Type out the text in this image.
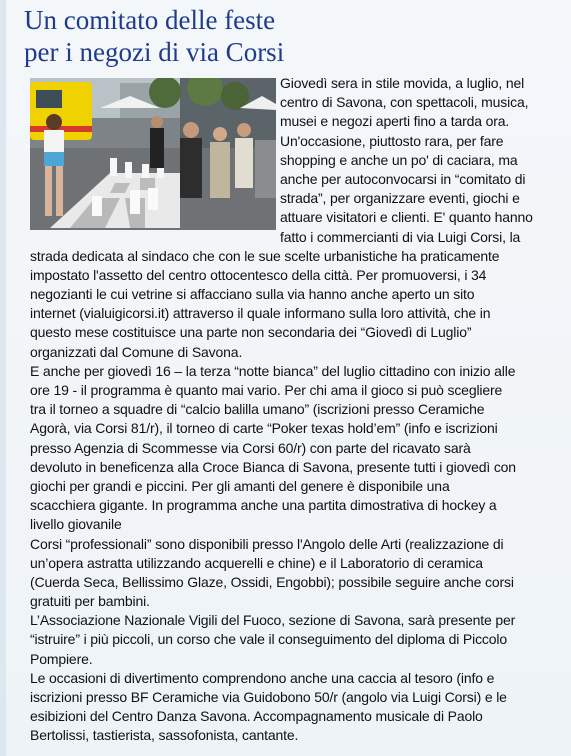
Un comitato delle feste
per i negozi di via Corsi
Giovedì sera in stile movida, a luglio, nel
centro di Savona, con spettacoli, musica,
musei e negozi aperti fino a tarda ora.
Un'occasione, piuttosto rara, per fare
shopping e anche un po' di caciara, ma
anche per autoconvocarsi in “comitato di
strada”, per organizzare eventi, giochi e
attuare visitatori e clienti. E' quanto hanno
fatto i commercianti di via Luigi Corsi, la
strada dedicata al sindaco che con le sue scelte urbanistiche ha praticamente
impostato l'assetto del centro ottocentesco della città. Per promuoversi, i 34
negozianti le cui vetrine si affacciano sulla via hanno anche aperto un sito
internet (vialuigicorsi.it) attraverso il quale informano sulla loro attività, che in
questo mese costituisce una parte non secondaria dei “Giovedì di Luglio”
organizzati dal Comune di Savona.
E anche per giovedì 16 – la terza “notte bianca” del luglio cittadino con inizio alle
ore 19 - il programma è quanto mai vario. Per chi ama il gioco si può scegliere
tra il torneo a squadre di “calcio balilla umano” (iscrizioni presso Ceramiche
Agorà, via Corsi 81/r), il torneo di carte “Poker texas hold’em” (info e iscrizioni
presso Agenzia di Scommesse via Corsi 60/r) con parte del ricavato sarà
devoluto in beneficenza alla Croce Bianca di Savona, presente tutti i giovedì con
giochi per grandi e piccini. Per gli amanti del genere è disponibile una
scacchiera gigante. In programma anche una partita dimostrativa di hockey a
livello giovanile
Corsi “professionali” sono disponibili presso l'Angolo delle Arti (realizzazione di
un’opera astratta utilizzando acquerelli e chine) e il Laboratorio di ceramica
(Cuerda Seca, Bellissimo Glaze, Ossidi, Engobbi); possibile seguire anche corsi
gratuiti per bambini.
L’Associazione Nazionale Vigili del Fuoco, sezione di Savona, sarà presente per
“istruire” i più piccoli, un corso che vale il conseguimento del diploma di Piccolo
Pompiere.
Le occasioni di divertimento comprendono anche una caccia al tesoro (info e
iscrizioni presso BF Ceramiche via Guidobono 50/r (angolo via Luigi Corsi) e le
esibizioni del Centro Danza Savona. Accompagnamento musicale di Paolo
Bertolissi, tastierista, sassofonista, cantante.
